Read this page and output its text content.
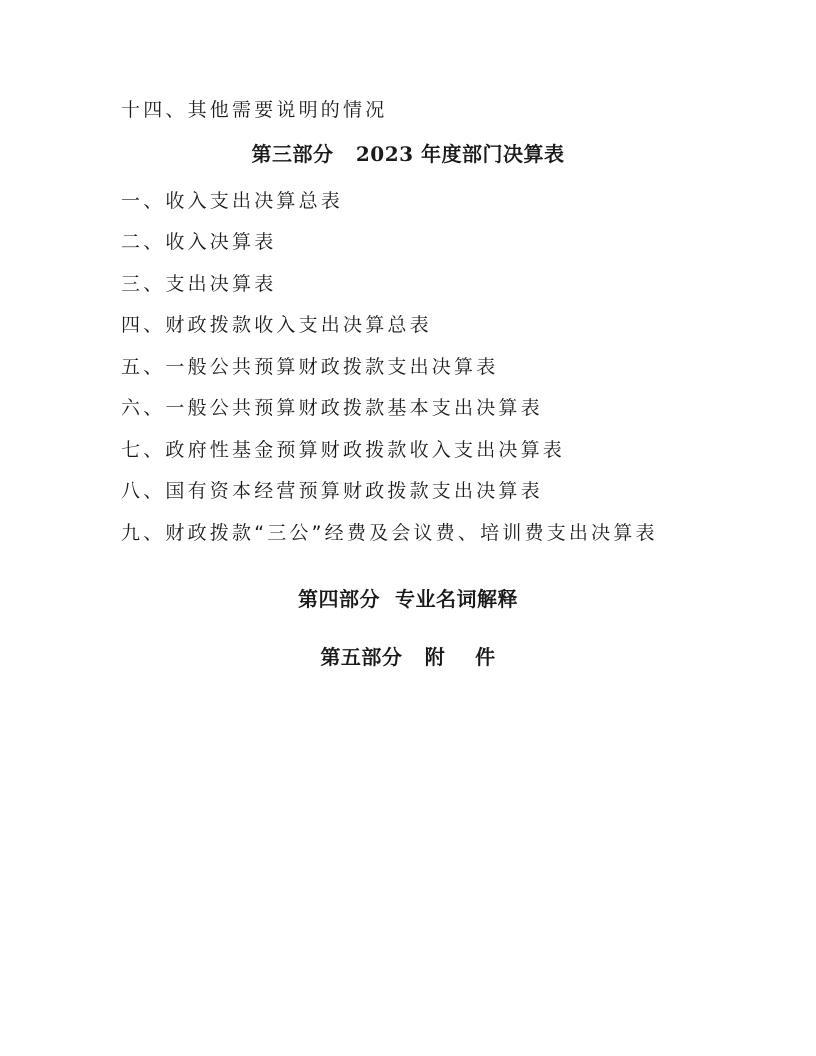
十四、其他需要说明的情况
第三部分   2023 年度部门决算表
一、收入支出决算总表
二、收入决算表
三、支出决算表
四、财政拨款收入支出决算总表
五、一般公共预算财政拨款支出决算表
六、一般公共预算财政拨款基本支出决算表
七、政府性基金预算财政拨款收入支出决算表
八、国有资本经营预算财政拨款支出决算表
九、财政拨款“三公”经费及会议费、培训费支出决算表
第四部分  专业名词解释
第五部分   附    件
